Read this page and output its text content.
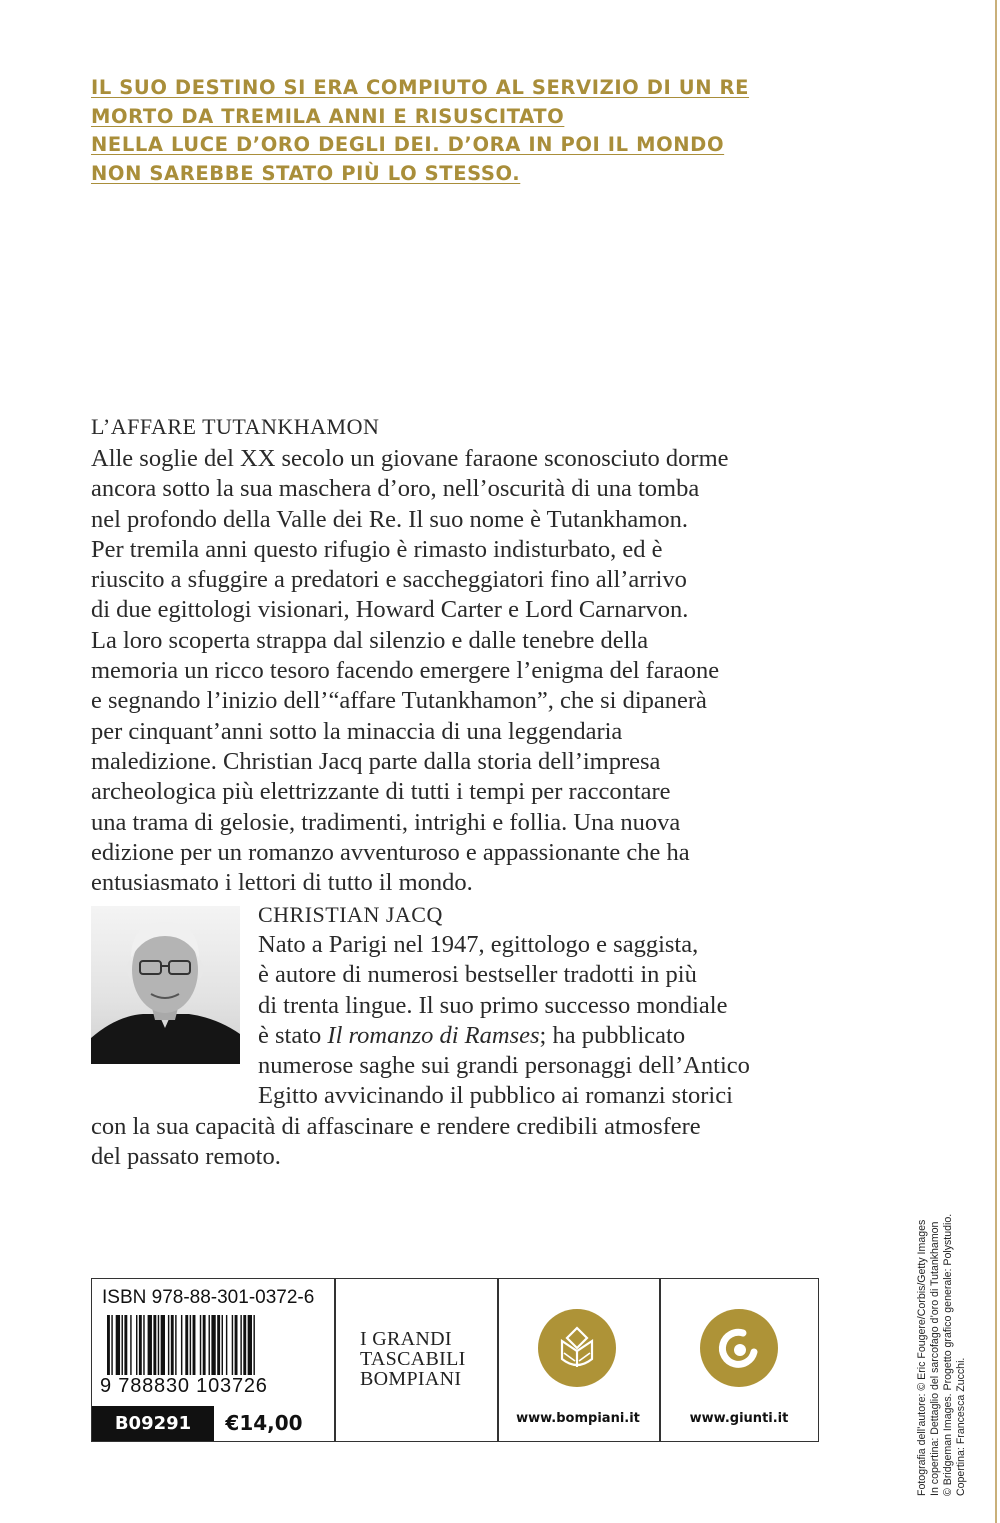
IL SUO DESTINO SI ERA COMPIUTO AL SERVIZIO DI UN RE
MORTO DA TREMILA ANNI E RISUSCITATO
NELLA LUCE D’ORO DEGLI DEI. D’ORA IN POI IL MONDO
NON SAREBBE STATO PIÙ LO STESSO.
L’AFFARE TUTANKHAMON
Alle soglie del XX secolo un giovane faraone sconosciuto dorme
ancora sotto la sua maschera d’oro, nell’oscurità di una tomba
nel profondo della Valle dei Re. Il suo nome è Tutankhamon.
Per tremila anni questo rifugio è rimasto indisturbato, ed è
riuscito a sfuggire a predatori e saccheggiatori fino all’arrivo
di due egittologi visionari, Howard Carter e Lord Carnarvon.
La loro scoperta strappa dal silenzio e dalle tenebre della
memoria un ricco tesoro facendo emergere l’enigma del faraone
e segnando l’inizio dell’“affare Tutankhamon”, che si dipanerà
per cinquant’anni sotto la minaccia di una leggendaria
maledizione. Christian Jacq parte dalla storia dell’impresa
archeologica più elettrizzante di tutti i tempi per raccontare
una trama di gelosie, tradimenti, intrighi e follia. Una nuova
edizione per un romanzo avventuroso e appassionante che ha
entusiasmato i lettori di tutto il mondo.
CHRISTIAN JACQ
Nato a Parigi nel 1947, egittologo e saggista,
è autore di numerosi bestseller tradotti in più
di trenta lingue. Il suo primo successo mondiale
è stato Il romanzo di Ramses; ha pubblicato
numerose saghe sui grandi personaggi dell’Antico
Egitto avvicinando il pubblico ai romanzi storici
con la sua capacità di affascinare e rendere credibili atmosfere
del passato remoto.
Fotografia dell’autore: © Eric Fougere/Corbis/Getty Images In copertina: Dettaglio del sarcofago d’oro di Tutankhamon © Bridgeman Images. Progetto grafico generale: Polystudio. Copertina: Francesca Zucchi.
ISBN 978-88-301-0372-6
9 788830 103726
B09291	€14,00
I GRANDI
TASCABILI
BOMPIANI
www.bompiani.it	www.giunti.it
